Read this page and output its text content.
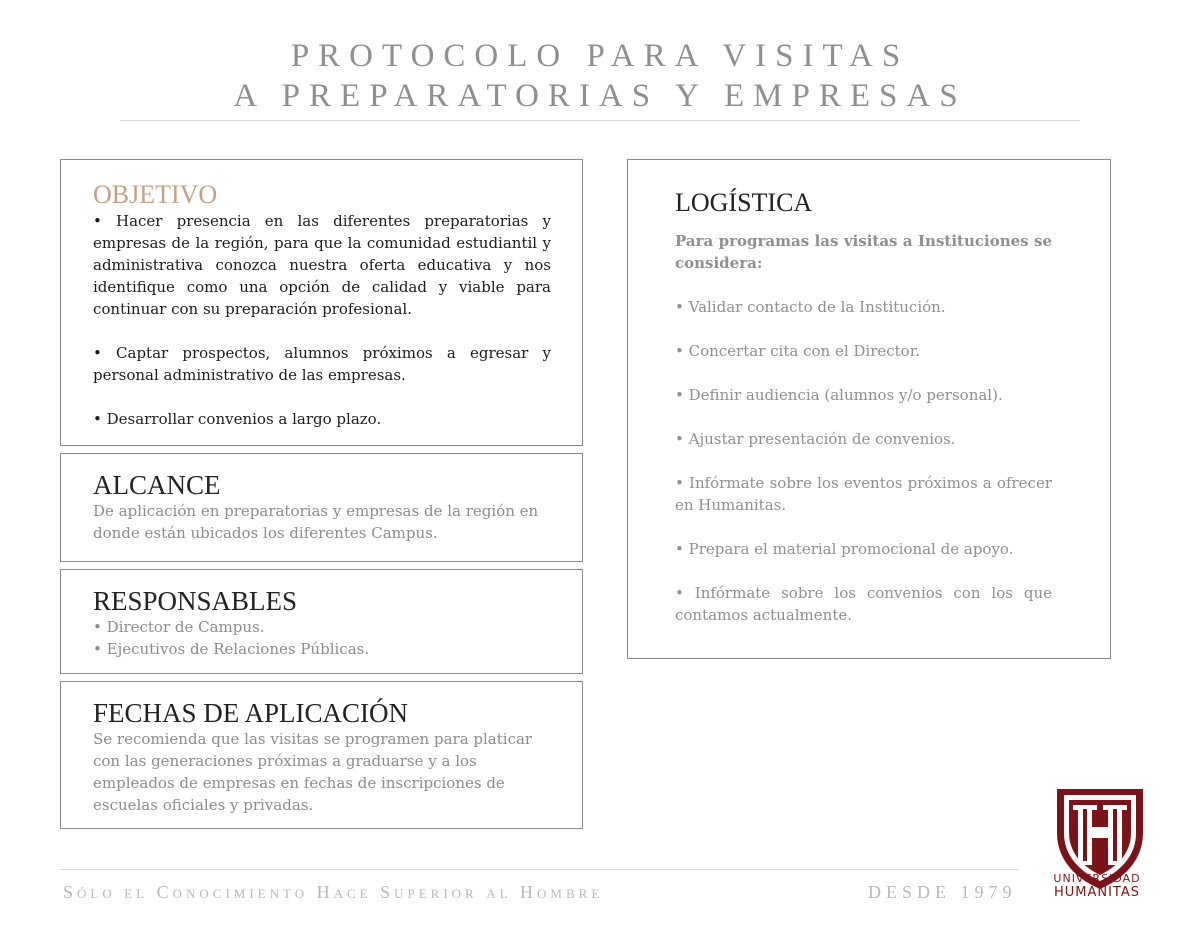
PROTOCOLO PARA VISITAS
A PREPARATORIAS Y EMPRESAS
OBJETIVO

• Hacer presencia en las diferentes preparatorias y empresas de la región, para que la comunidad estudiantil y administrativa conozca nuestra oferta educativa y nos identifique como una opción de calidad y viable para continuar con su preparación profesional.

• Captar prospectos, alumnos próximos a egresar y personal administrativo de las empresas.

• Desarrollar convenios a largo plazo.

ALCANCE

De aplicación en preparatorias y empresas de la región en donde están ubicados los diferentes Campus.

RESPONSABLES

• Director de Campus.

• Ejecutivos de Relaciones Públicas.

FECHAS DE APLICACIÓN

Se recomienda que las visitas se programen para platicar con las generaciones próximas a graduarse y a los empleados de empresas en fechas de inscripciones de escuelas oficiales y privadas.

LOGÍSTICA

Para programas las visitas a Instituciones se considera:

• Validar contacto de la Institución.

• Concertar cita con el Director.

• Definir audiencia (alumnos y/o personal).

• Ajustar presentación de convenios.

• Infórmate sobre los eventos próximos a ofrecer en Humanitas.

• Prepara el material promocional de apoyo.

• Infórmate sobre los convenios con los que contamos actualmente.

Sólo el Conocimiento Hace Superior al Hombre	DESDE 1979
UNIVERSIDAD
HUMANITAS
